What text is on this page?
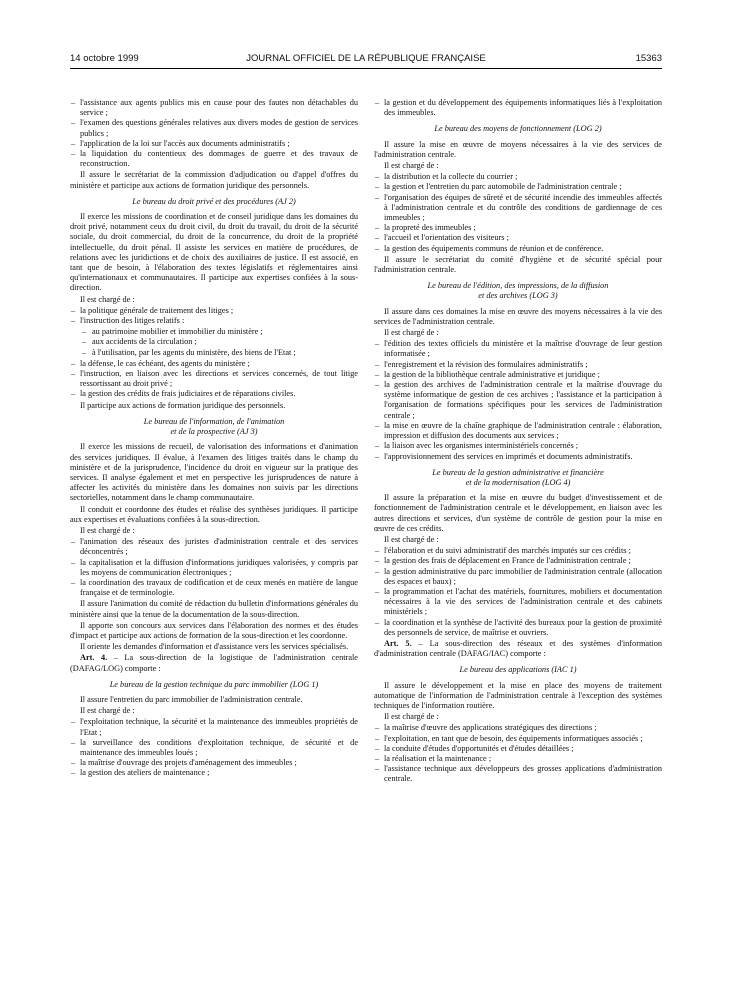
14 octobre 1999	JOURNAL OFFICIEL DE LA RÉPUBLIQUE FRANÇAISE	15363
– l'assistance aux agents publics mis en cause pour des fautes non détachables du service ;
– l'examen des questions générales relatives aux divers modes de gestion de services publics ;
– l'application de la loi sur l'accès aux documents administratifs ;
– la liquidation du contentieux des dommages de guerre et des travaux de reconstruction.

Il assure le secrétariat de la commission d'adjudication ou d'appel d'offres du ministère et participe aux actions de formation juridique des personnels.

Le bureau du droit privé et des procédures (AJ 2)

Il exerce les missions de coordination et de conseil juridique dans les domaines du droit privé, notamment ceux du droit civil, du droit du travail, du droit de la sécurité sociale, du droit commercial, du droit de la concurrence, du droit de la propriété intellectuelle, du droit pénal. Il assiste les services en matière de procédures, de relations avec les juridictions et de choix des auxiliaires de justice. Il est associé, en tant que de besoin, à l'élaboration des textes législatifs et réglementaires ainsi qu'internationaux et communautaires. Il participe aux expertises confiées à la sous-direction.

Il est chargé de :

– la politique générale de traitement des litiges ;
– l'instruction des litiges relatifs :
– au patrimoine mobilier et immobilier du ministère ;
– aux accidents de la circulation ;
– à l'utilisation, par les agents du ministère, des biens de l'Etat ;
– la défense, le cas échéant, des agents du ministère ;
– l'instruction, en liaison avec les directions et services concernés, de tout litige ressortissant au droit privé ;
– la gestion des crédits de frais judiciaires et de réparations civiles.

Il participe aux actions de formation juridique des personnels.

Le bureau de l'information, de l'animation
et de la prospective (AJ 3)

Il exerce les missions de recueil, de valorisation des informations et d'animation des services juridiques. Il évalue, à l'examen des litiges traités dans le champ du ministère et de la jurisprudence, l'incidence du droit en vigueur sur la pratique des services. Il analyse également et met en perspective les jurisprudences de nature à affecter les activités du ministère dans les domaines non suivis par les directions sectorielles, notamment dans le champ communautaire.

Il conduit et coordonne des études et réalise des synthèses juridiques. Il participe aux expertises et évaluations confiées à la sous-direction.

Il est chargé de :

– l'animation des réseaux des juristes d'administration centrale et des services déconcentrés ;
– la capitalisation et la diffusion d'informations juridiques valorisées, y compris par les moyens de communication électroniques ;
– la coordination des travaux de codification et de ceux menés en matière de langue française et de terminologie.

Il assure l'animation du comité de rédaction du bulletin d'informations générales du ministère ainsi que la tenue de la documentation de la sous-direction.

Il apporte son concours aux services dans l'élaboration des normes et des études d'impact et participe aux actions de formation de la sous-direction et les coordonne.

Il oriente les demandes d'information et d'assistance vers les services spécialisés.

Art. 4. – La sous-direction de la logistique de l'administration centrale (DAFAG/LOG) comporte :

Le bureau de la gestion technique du parc immobilier (LOG 1)

Il assure l'entretien du parc immobilier de l'administration centrale.

Il est chargé de :

– l'exploitation technique, la sécurité et la maintenance des immeubles propriétés de l'Etat ;
– la surveillance des conditions d'exploitation technique, de sécurité et de maintenance des immeubles loués ;
– la maîtrise d'ouvrage des projets d'aménagement des immeubles ;
– la gestion des ateliers de maintenance ;
– la gestion et du développement des équipements informatiques liés à l'exploitation des immeubles.
Le bureau des moyens de fonctionnement (LOG 2)

Il assure la mise en œuvre de moyens nécessaires à la vie des services de l'administration centrale.

Il est chargé de :

– la distribution et la collecte du courrier ;
– la gestion et l'entretien du parc automobile de l'administration centrale ;
– l'organisation des équipes de sûreté et de sécurité incendie des immeubles affectés à l'administration centrale et du contrôle des conditions de gardiennage de ces immeubles ;
– la propreté des immeubles ;
– l'accueil et l'orientation des visiteurs ;
– la gestion des équipements communs de réunion et de conférence.

Il assure le secrétariat du comité d'hygiène et de sécurité spécial pour l'administration centrale.

Le bureau de l'édition, des impressions, de la diffusion
et des archives (LOG 3)

Il assure dans ces domaines la mise en œuvre des moyens nécessaires à la vie des services de l'administration centrale.

Il est chargé de :

– l'édition des textes officiels du ministère et la maîtrise d'ouvrage de leur gestion informatisée ;
– l'enregistrement et la révision des formulaires administratifs ;
– la gestion de la bibliothèque centrale administrative et juridique ;
– la gestion des archives de l'administration centrale et la maîtrise d'ouvrage du système informatique de gestion de ces archives ; l'assistance et la participation à l'organisation de formations spécifiques pour les services de l'administration centrale ;
– la mise en œuvre de la chaîne graphique de l'administration centrale : élaboration, impression et diffusion des documents aux services ;
– la liaison avec les organismes interministériels concernés ;
– l'approvisionnement des services en imprimés et documents administratifs.
Le bureau de la gestion administrative et financière
et de la modernisation (LOG 4)

Il assure la préparation et la mise en œuvre du budget d'investissement et de fonctionnement de l'administration centrale et le développement, en liaison avec les autres directions et services, d'un système de contrôle de gestion pour la mise en œuvre de ces crédits.

Il est chargé de :

– l'élaboration et du suivi administratif des marchés imputés sur ces crédits ;
– la gestion des frais de déplacement en France de l'administration centrale ;
– la gestion administrative du parc immobilier de l'administration centrale (allocation des espaces et baux) ;
– la programmation et l'achat des matériels, fournitures, mobiliers et documentation nécessaires à la vie des services de l'administration centrale et des cabinets ministériels ;
– la coordination et la synthèse de l'activité des bureaux pour la gestion de proximité des personnels de service, de maîtrise et ouvriers.

Art. 5. – La sous-direction des réseaux et des systèmes d'information d'administration centrale (DAFAG/IAC) comporte :

Le bureau des applications (IAC 1)

Il assure le développement et la mise en place des moyens de traitement automatique de l'information de l'administration centrale à l'exception des systèmes techniques de l'information routière.

Il est chargé de :

– la maîtrise d'œuvre des applications stratégiques des directions ;
– l'exploitation, en tant que de besoin, des équipements informatiques associés ;
– la conduite d'études d'opportunités et d'études détaillées ;
– la réalisation et la maintenance ;
– l'assistance technique aux développeurs des grosses applications d'administration centrale.
